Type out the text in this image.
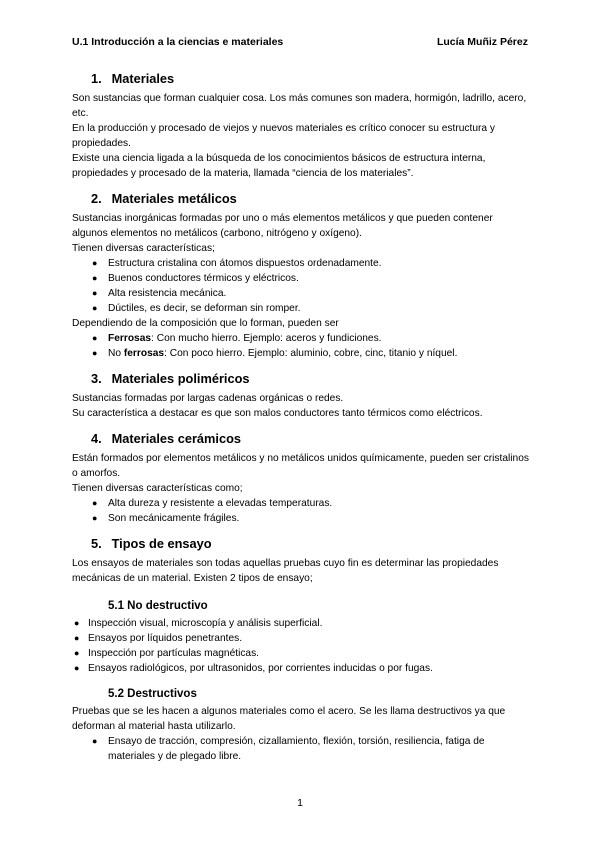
U.1 Introducción a la ciencias e materiales	Lucía Muñiz Pérez
1. Materiales

Son sustancias que forman cualquier cosa. Los más comunes son madera, hormigón, ladrillo, acero, etc.

En la producción y procesado de viejos y nuevos materiales es crítico conocer su estructura y propiedades.

Existe una ciencia ligada a la búsqueda de los conocimientos básicos de estructura interna, propiedades y procesado de la materia, llamada “ciencia de los materiales”.

2. Materiales metálicos

Sustancias inorgánicas formadas por uno o más elementos metálicos y que pueden contener algunos elementos no metálicos (carbono, nitrógeno y oxígeno).

Tienen diversas características;

● Estructura cristalina con átomos dispuestos ordenadamente.
● Buenos conductores térmicos y eléctricos.
● Alta resistencia mecánica.
● Dúctiles, es decir, se deforman sin romper.

Dependiendo de la composición que lo forman, pueden ser

● Ferrosas: Con mucho hierro. Ejemplo: aceros y fundiciones.
● No ferrosas: Con poco hierro. Ejemplo: aluminio, cobre, cinc, titanio y níquel.
3. Materiales poliméricos

Sustancias formadas por largas cadenas orgánicas o redes.

Su característica a destacar es que son malos conductores tanto térmicos como eléctricos.

4. Materiales cerámicos

Están formados por elementos metálicos y no metálicos unidos químicamente, pueden ser cristalinos o amorfos.

Tienen diversas características como;

● Alta dureza y resistente a elevadas temperaturas.
● Son mecánicamente frágiles.
5. Tipos de ensayo

Los ensayos de materiales son todas aquellas pruebas cuyo fin es determinar las propiedades mecánicas de un material. Existen 2 tipos de ensayo;

5.1 No destructivo
● Inspección visual, microscopía y análisis superficial.
● Ensayos por líquidos penetrantes.
● Inspección por partículas magnéticas.
● Ensayos radiológicos, por ultrasonidos, por corrientes inducidas o por fugas.
5.2 Destructivos

Pruebas que se les hacen a algunos materiales como el acero. Se les llama destructivos ya que deforman al material hasta utilizarlo.

● Ensayo de tracción, compresión, cizallamiento, flexión, torsión, resiliencia, fatiga de materiales y de plegado libre.
1
